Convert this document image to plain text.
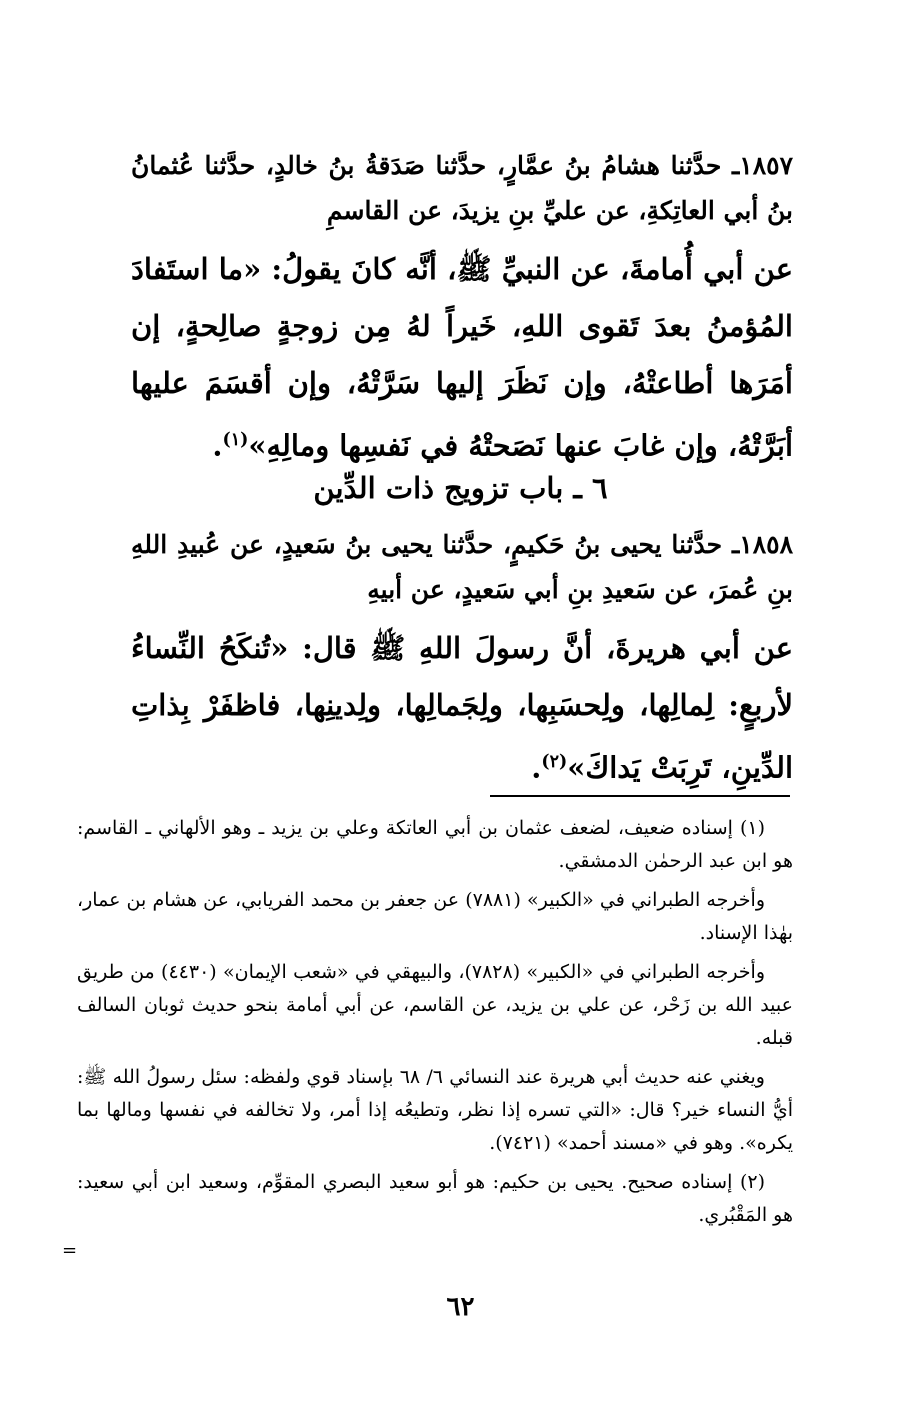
١٨٥٧ـ حدَّثنا هشامُ بنُ عمَّارٍ، حدَّثنا صَدَقةُ بنُ خالدٍ، حدَّثنا عُثمانُ بنُ أبي العاتِكةِ، عن عليِّ بنِ يزيدَ، عن القاسمِ
عن أبي أُمامةَ، عن النبيِّ ﷺ، أنَّه كانَ يقولُ: «ما استَفادَ المُؤمنُ بعدَ تَقوى اللهِ، خَيراً لهُ مِن زوجةٍ صالِحةٍ، إن أمَرَها أطاعتْهُ، وإن نَظَرَ إليها سَرَّتْهُ، وإن أقسَمَ عليها أبَرَّتْهُ، وإن غابَ عنها نَصَحتْهُ في نَفسِها ومالِهِ»$^{(١)}$.
٦ ـ باب تزويج ذات الدِّين
١٨٥٨ـ حدَّثنا يحيى بنُ حَكيمٍ، حدَّثنا يحيى بنُ سَعيدٍ، عن عُبيدِ اللهِ بنِ عُمرَ، عن سَعيدِ بنِ أبي سَعيدٍ، عن أبيهِ
عن أبي هريرةَ، أنَّ رسولَ اللهِ ﷺ قال: «تُنكَحُ النِّساءُ لأربعٍ: لِمالِها، ولِحسَبِها، ولِجَمالِها، ولِدينِها، فاظفَرْ بِذاتِ الدِّينِ، تَرِبَتْ يَداكَ»$^{(٢)}$.

(١) إسناده ضعيف، لضعف عثمان بن أبي العاتكة وعلي بن يزيد ـ وهو الألهاني ـ القاسم: هو ابن عبد الرحمٰن الدمشقي.

وأخرجه الطبراني في «الكبير» (٧٨٨١) عن جعفر بن محمد الفريابي، عن هشام بن عمار، بهٰذا الإسناد.

وأخرجه الطبراني في «الكبير» (٧٨٢٨)، والبيهقي في «شعب الإيمان» (٤٤٣٠) من طريق عبيد الله بن زَحْر، عن علي بن يزيد، عن القاسم، عن أبي أمامة بنحو حديث ثوبان السالف قبله.

ويغني عنه حديث أبي هريرة عند النسائي ٦/ ٦٨ بإسناد قوي ولفظه: سئل رسولُ الله ﷺ: أيُّ النساء خير؟ قال: «التي تسره إذا نظر، وتطيعُه إذا أمر، ولا تخالفه في نفسها ومالها بما يكره». وهو في «مسند أحمد» (٧٤٢١).

(٢) إسناده صحيح. يحيى بن حكيم: هو أبو سعيد البصري المقوِّم، وسعيد ابن أبي سعيد: هو المَقْبُري.

=
٦٢
